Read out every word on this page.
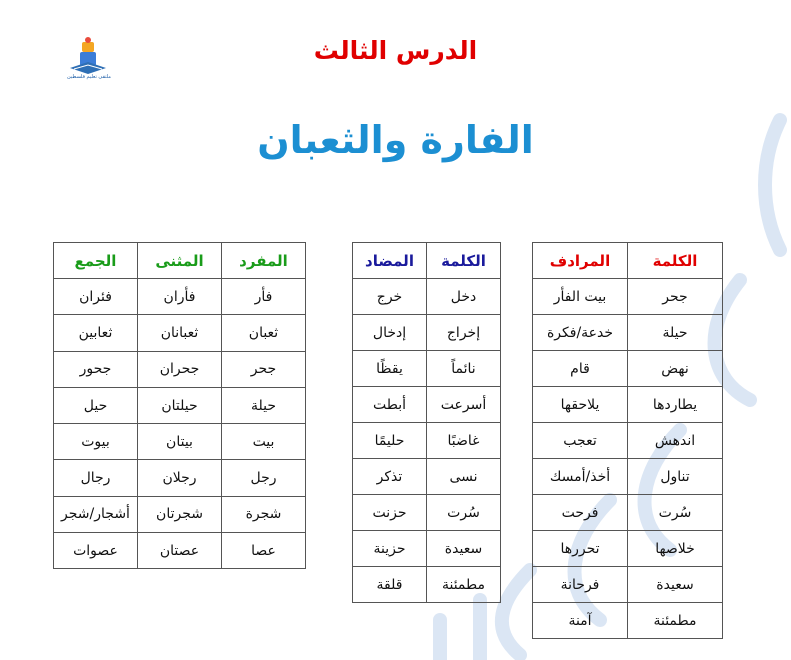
ملتقى تعليم فلسطين
الدرس الثالث
الفارة والثعبان
الكلمة	المرادف
جحر	بيت الفأر
حيلة	خدعة/فكرة
نهض	قام
يطاردها	يلاحقها
اندهش	تعجب
تناول	أخذ/أمسك
سُرت	فرحت
خلاصها	تحررها
سعيدة	فرحانة
مطمئنة	آمنة
الكلمة	المضاد
دخل	خرج
إخراج	إدخال
نائماً	يقظًا
أسرعت	أبطت
غاضبًا	حليمًا
نسى	تذكر
سُرت	حزنت
سعيدة	حزينة
مطمئنة	قلقة
المفرد	المثنى	الجمع
فأر	فأران	فئران
ثعبان	ثعبانان	ثعابين
جحر	جحران	جحور
حيلة	حيلتان	حيل
بيت	بيتان	بيوت
رجل	رجلان	رجال
شجرة	شجرتان	أشجار/شجر
عصا	عصتان	عصوات
